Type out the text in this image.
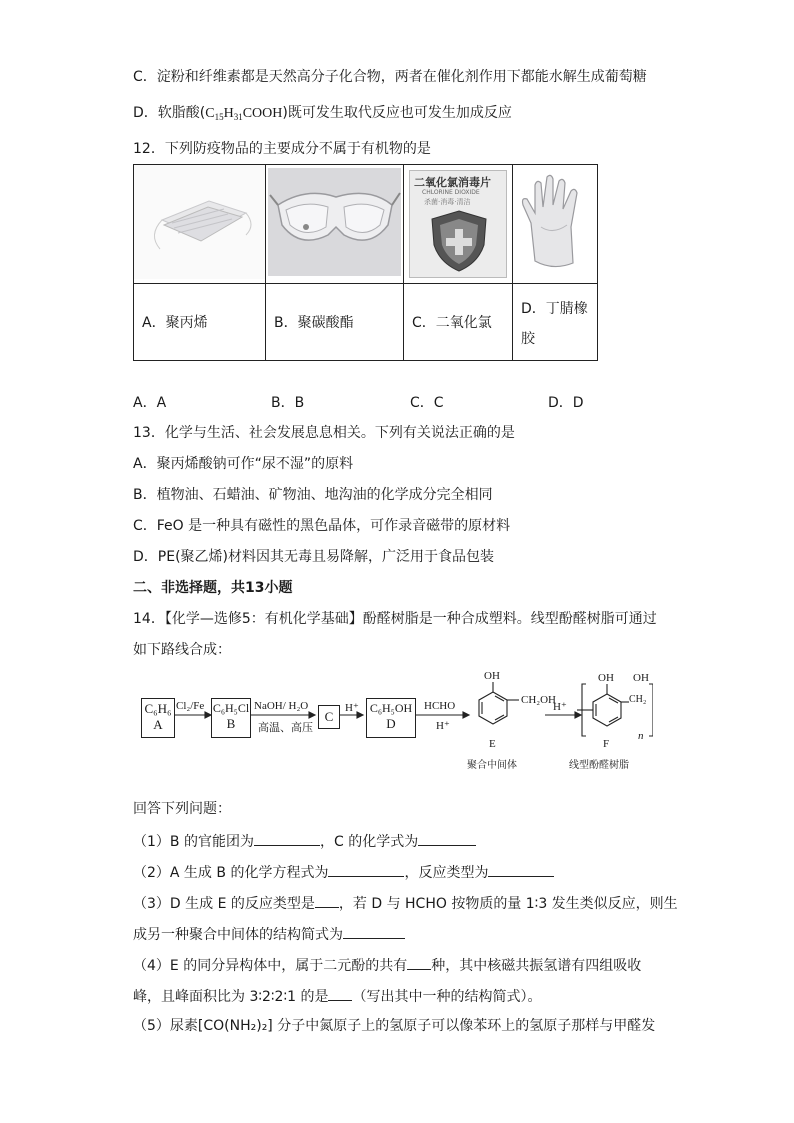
C．淀粉和纤维素都是天然高分子化合物，两者在催化剂作用下都能水解生成葡萄糖
D．软脂酸$(C_{15}H_{31}COOH)$既可发生取代反应也可发生加成反应
12．下列防疫物品的主要成分不属于有机物的是

二氧化氯消毒片
CHLORINE DIOXIDE
杀菌·消毒·清洁

A．聚丙烯	B．聚碳酸酯	C．二氧化氯	D．丁腈橡胶
A．A	B．B	C．C	D．D
13．化学与生活、社会发展息息相关。下列有关说法正确的是
A．聚丙烯酸钠可作“尿不湿”的原料
B．植物油、石蜡油、矿物油、地沟油的化学成分完全相同
C．FeO 是一种具有磁性的黑色晶体，可作录音磁带的原材料
D．PE(聚乙烯)材料因其无毒且易降解，广泛用于食品包装
二、非选择题，共13小题
14．【化学—选修5：有机化学基础】酚醛树脂是一种合成塑料。线型酚醛树脂可通过
如下路线合成：
C₆H₆
A
Cl₂/Fe C₆H₅Cl
B
NaOH/ H₂O
高温、高压
C
H⁺ C₆H₅OH
D
HCHO
H⁺
OH
CH₂OH
E
聚合中间体
H⁺
OH
CH₂
n
OH
F
线型酚醛树脂
回答下列问题：
（1）B 的官能团为	，C 的化学式为
（2）A 生成 B 的化学方程式为	，反应类型为
（3）D 生成 E 的反应类型是 ，若 D 与 HCHO 按物质的量 1∶3 发生类似反应，则生
成另一种聚合中间体的结构简式为
（4）E 的同分异构体中，属于二元酚的共有 种，其中核磁共振氢谱有四组吸收
峰，且峰面积比为 3∶2∶2∶1 的是 （写出其中一种的结构简式）。
（5）尿素[CO(NH₂)₂] 分子中氮原子上的氢原子可以像苯环上的氢原子那样与甲醛发
